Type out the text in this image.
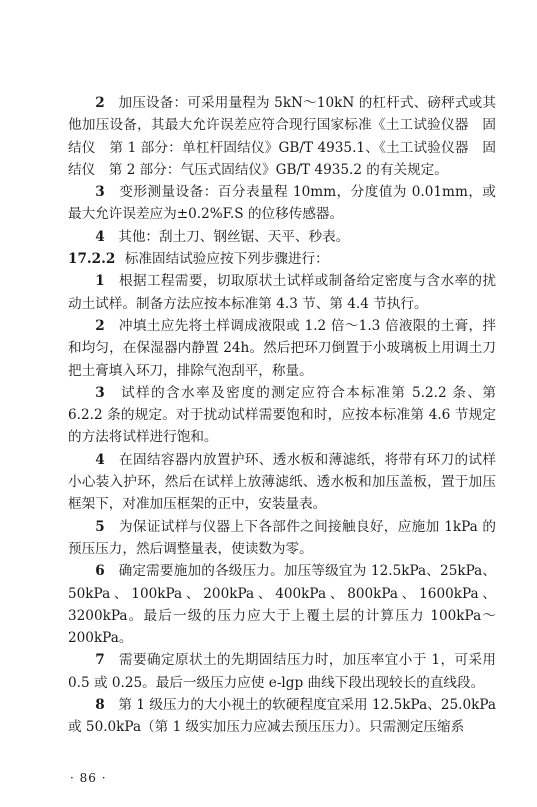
2　 加压设备：可采用量程为 5kN～10kN 的杠杆式、磅秤式或其他加压设备，其最大允许误差应符合现行国家标准《土工试验仪器　固结仪　第 1 部分：单杠杆固结仪》GB/T 4935.1、《土工试验仪器　固结仪　第 2 部分：气压式固结仪》GB/T 4935.2 的有关规定。

3　 变形测量设备：百分表量程 10mm，分度值为 0.01mm，或最大允许误差应为±0.2%F.S 的位移传感器。

4　 其他：刮土刀、钢丝锯、天平、秒表。

17.2.2 标准固结试验应按下列步骤进行：

1　 根据工程需要，切取原状土试样或制备给定密度与含水率的扰动土试样。制备方法应按本标准第 4.3 节、第 4.4 节执行。

2　 冲填土应先将土样调成液限或 1.2 倍～1.3 倍液限的土膏，拌和均匀，在保湿器内静置 24h。然后把环刀倒置于小玻璃板上用调土刀把土膏填入环刀，排除气泡刮平，称量。

3　 试样的含水率及密度的测定应符合本标准第 5.2.2 条、第 6.2.2 条的规定。对于扰动试样需要饱和时，应按本标准第 4.6 节规定的方法将试样进行饱和。

4　 在固结容器内放置护环、透水板和薄滤纸，将带有环刀的试样小心装入护环，然后在试样上放薄滤纸、透水板和加压盖板，置于加压框架下，对准加压框架的正中，安装量表。

5　 为保证试样与仪器上下各部件之间接触良好，应施加 1kPa 的预压压力，然后调整量表，使读数为零。

6　 确定需要施加的各级压力。加压等级宜为 12.5kPa、25kPa、50kPa、100kPa、200kPa、400kPa、800kPa、1600kPa、3200kPa。最后一级的压力应大于上覆土层的计算压力 100kPa～200kPa。

7　 需要确定原状土的先期固结压力时，加压率宜小于 1，可采用 0.5 或 0.25。最后一级压力应使 e-lgp 曲线下段出现较长的直线段。

8　 第 1 级压力的大小视土的软硬程度宜采用 12.5kPa、25.0kPa 或 50.0kPa（第 1 级实加压力应减去预压压力）。只需测定压缩系

· 86 ·
